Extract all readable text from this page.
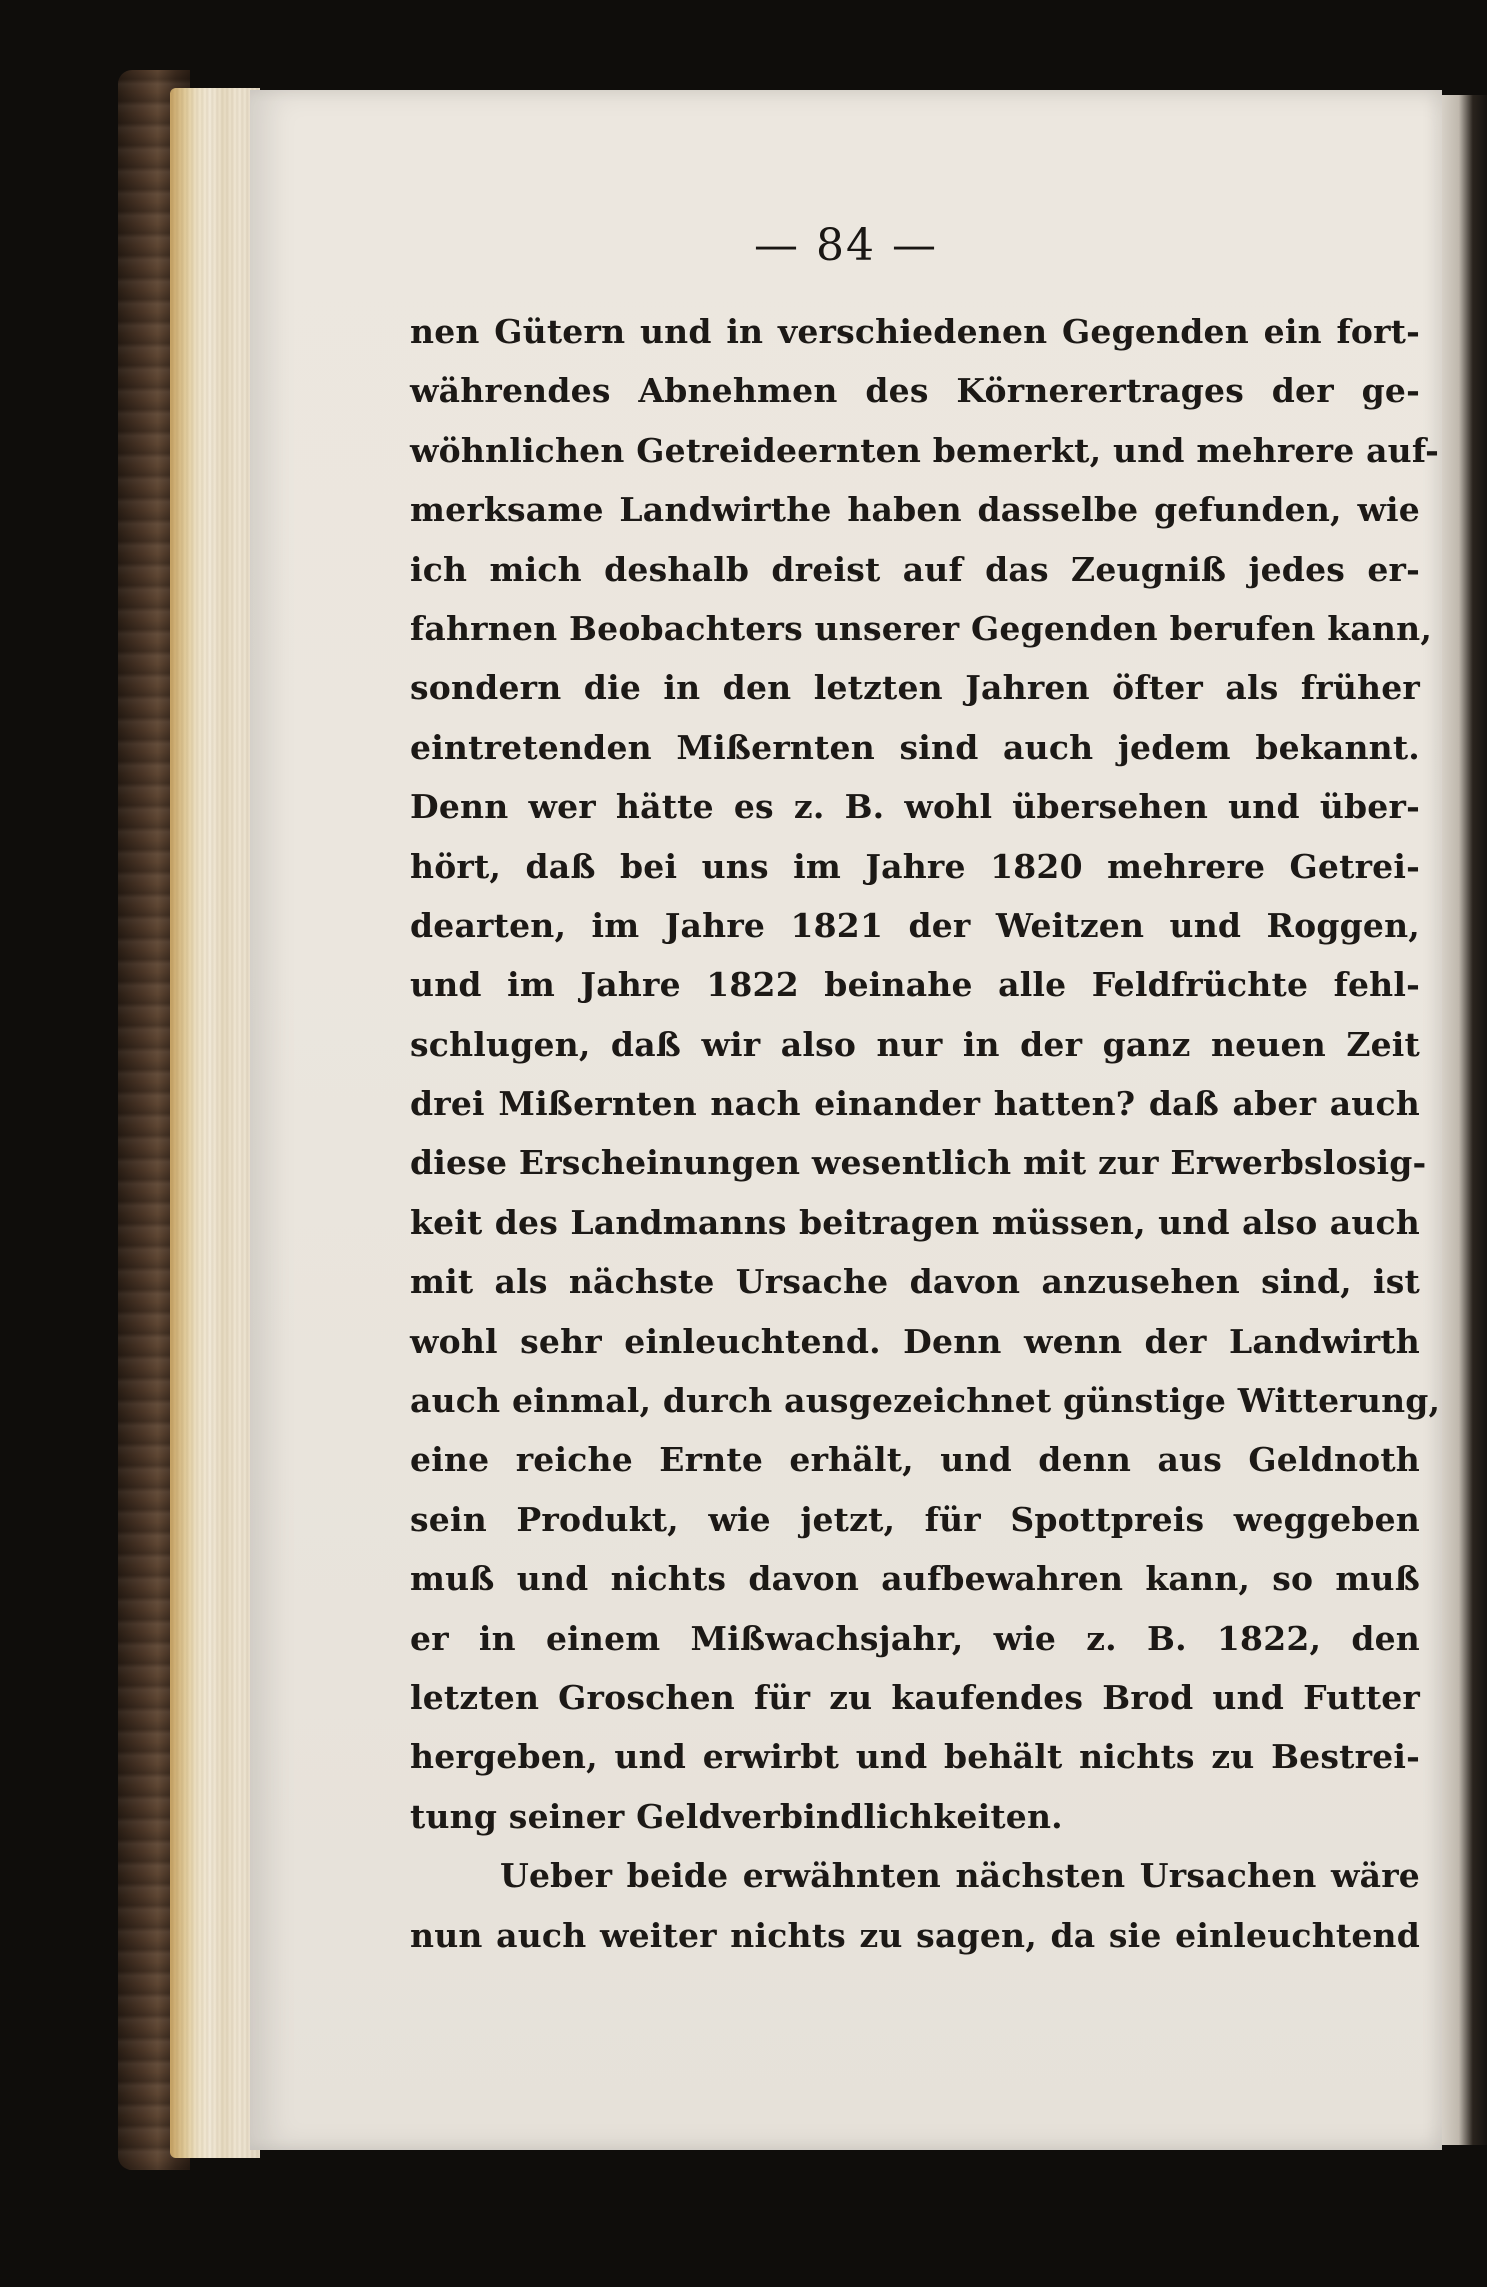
— 84 —
nen Gütern und in verschiedenen Gegenden ein fort-
währendes Abnehmen des Körnerertrages der ge-
wöhnlichen Getreideernten bemerkt, und mehrere auf-
merksame Landwirthe haben dasselbe gefunden, wie
ich mich deshalb dreist auf das Zeugniß jedes er-
fahrnen Beobachters unserer Gegenden berufen kann,
sondern die in den letzten Jahren öfter als früher
eintretenden Mißernten sind auch jedem bekannt.
Denn wer hätte es z. B. wohl übersehen und über-
hört, daß bei uns im Jahre 1820 mehrere Getrei-
dearten, im Jahre 1821 der Weitzen und Roggen,
und im Jahre 1822 beinahe alle Feldfrüchte fehl-
schlugen, daß wir also nur in der ganz neuen Zeit
drei Mißernten nach einander hatten? daß aber auch
diese Erscheinungen wesentlich mit zur Erwerbslosig-
keit des Landmanns beitragen müssen, und also auch
mit als nächste Ursache davon anzusehen sind, ist
wohl sehr einleuchtend. Denn wenn der Landwirth
auch einmal, durch ausgezeichnet günstige Witterung,
eine reiche Ernte erhält, und denn aus Geldnoth
sein Produkt, wie jetzt, für Spottpreis weggeben
muß und nichts davon aufbewahren kann, so muß
er in einem Mißwachsjahr, wie z. B. 1822, den
letzten Groschen für zu kaufendes Brod und Futter
hergeben, und erwirbt und behält nichts zu Bestrei-
tung seiner Geldverbindlichkeiten.
Ueber beide erwähnten nächsten Ursachen wäre
nun auch weiter nichts zu sagen, da sie einleuchtend
